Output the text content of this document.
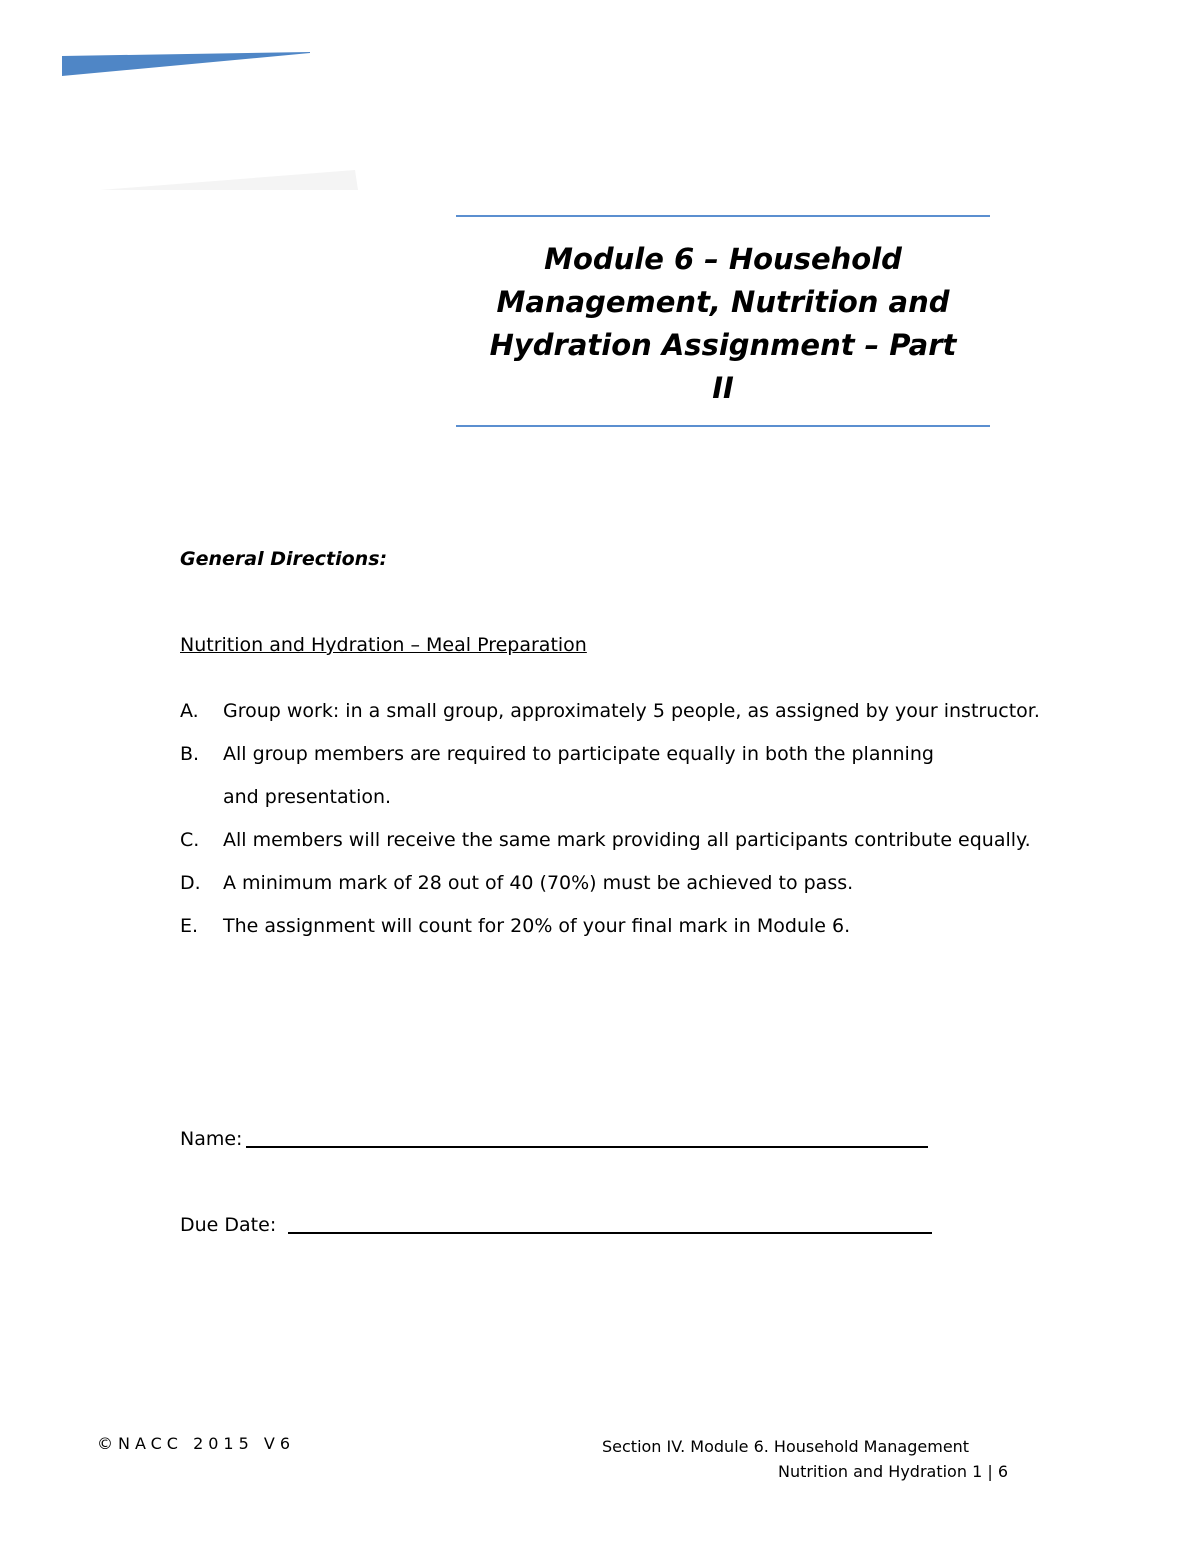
Module 6 – Household
Management, Nutrition and
Hydration Assignment – Part
II
General Directions:
Nutrition and Hydration – Meal Preparation
A.	Group work: in a small group, approximately 5 people, as assigned by your instructor.
B.	All group members are required to participate equally in both the planning
and presentation.
C.	All members will receive the same mark providing all participants contribute equally.
D.	A minimum mark of 28 out of 40 (70%) must be achieved to pass.
E.	The assignment will count for 20% of your final mark in Module 6.
Name:
Due Date:
©NACC 2015 V6	Section IV. Module 6. Household Management
Nutrition and Hydration 1 | 6
